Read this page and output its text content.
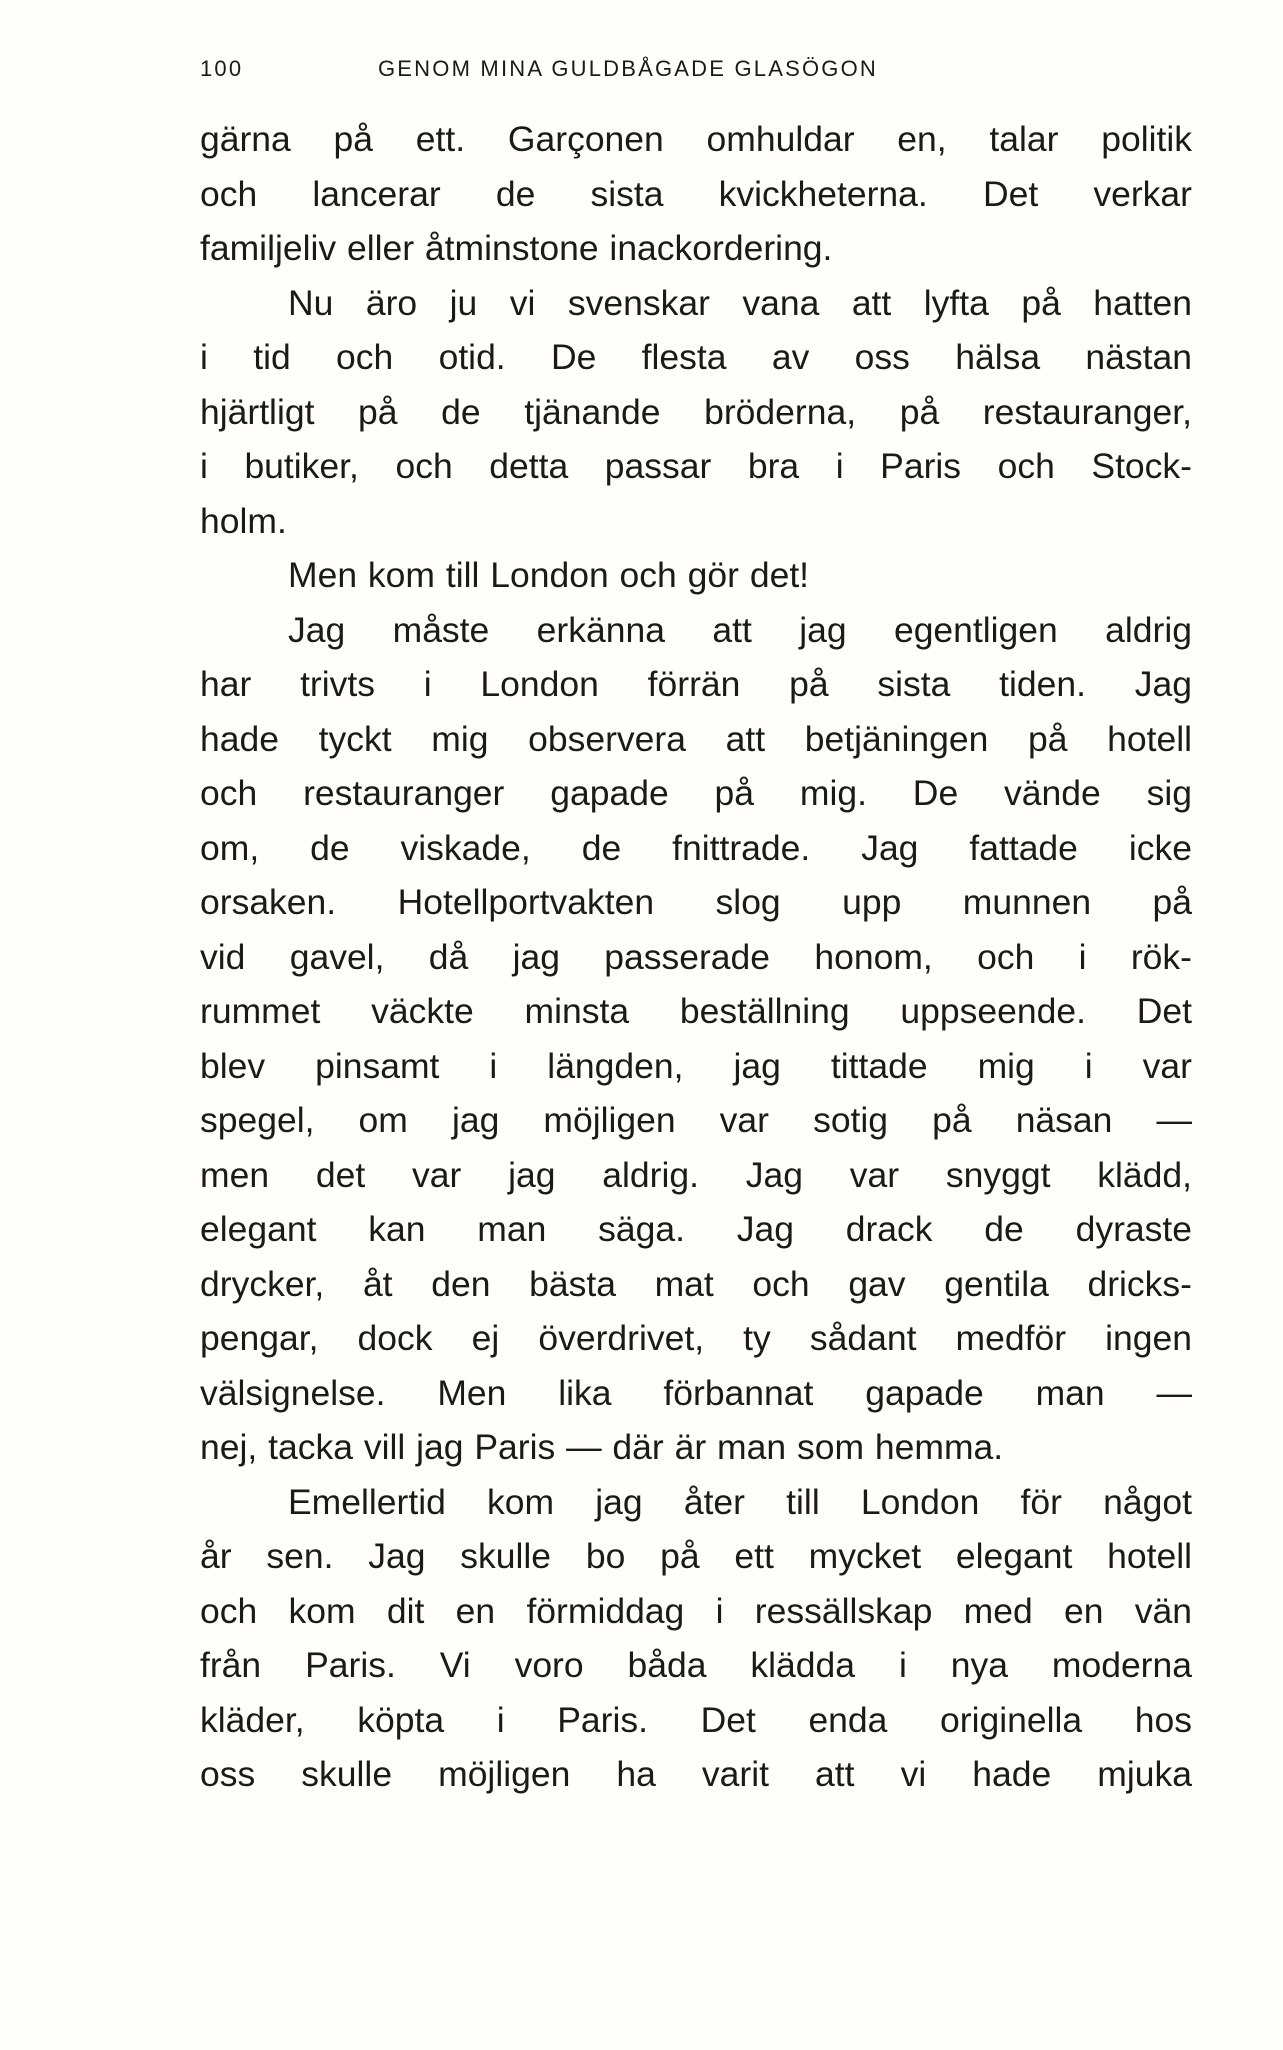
100	GENOM MINA GULDBÅGADE GLASÖGON
gärna på ett. Garçonen omhuldar en, talar politik
och lancerar de sista kvickheterna. Det verkar
familjeliv eller åtminstone inackordering.
Nu äro ju vi svenskar vana att lyfta på hatten
i tid och otid. De flesta av oss hälsa nästan
hjärtligt på de tjänande bröderna, på restauranger,
i butiker, och detta passar bra i Paris och Stock-
holm.
Men kom till London och gör det!
Jag måste erkänna att jag egentligen aldrig
har trivts i London förrän på sista tiden. Jag
hade tyckt mig observera att betjäningen på hotell
och restauranger gapade på mig. De vände sig
om, de viskade, de fnittrade. Jag fattade icke
orsaken. Hotellportvakten slog upp munnen på
vid gavel, då jag passerade honom, och i rök-
rummet väckte minsta beställning uppseende. Det
blev pinsamt i längden, jag tittade mig i var
spegel, om jag möjligen var sotig på näsan —
men det var jag aldrig. Jag var snyggt klädd,
elegant kan man säga. Jag drack de dyraste
drycker, åt den bästa mat och gav gentila dricks-
pengar, dock ej överdrivet, ty sådant medför ingen
välsignelse. Men lika förbannat gapade man —
nej, tacka vill jag Paris — där är man som hemma.
Emellertid kom jag åter till London för något
år sen. Jag skulle bo på ett mycket elegant hotell
och kom dit en förmiddag i ressällskap med en vän
från Paris. Vi voro båda klädda i nya moderna
kläder, köpta i Paris. Det enda originella hos
oss skulle möjligen ha varit att vi hade mjuka
